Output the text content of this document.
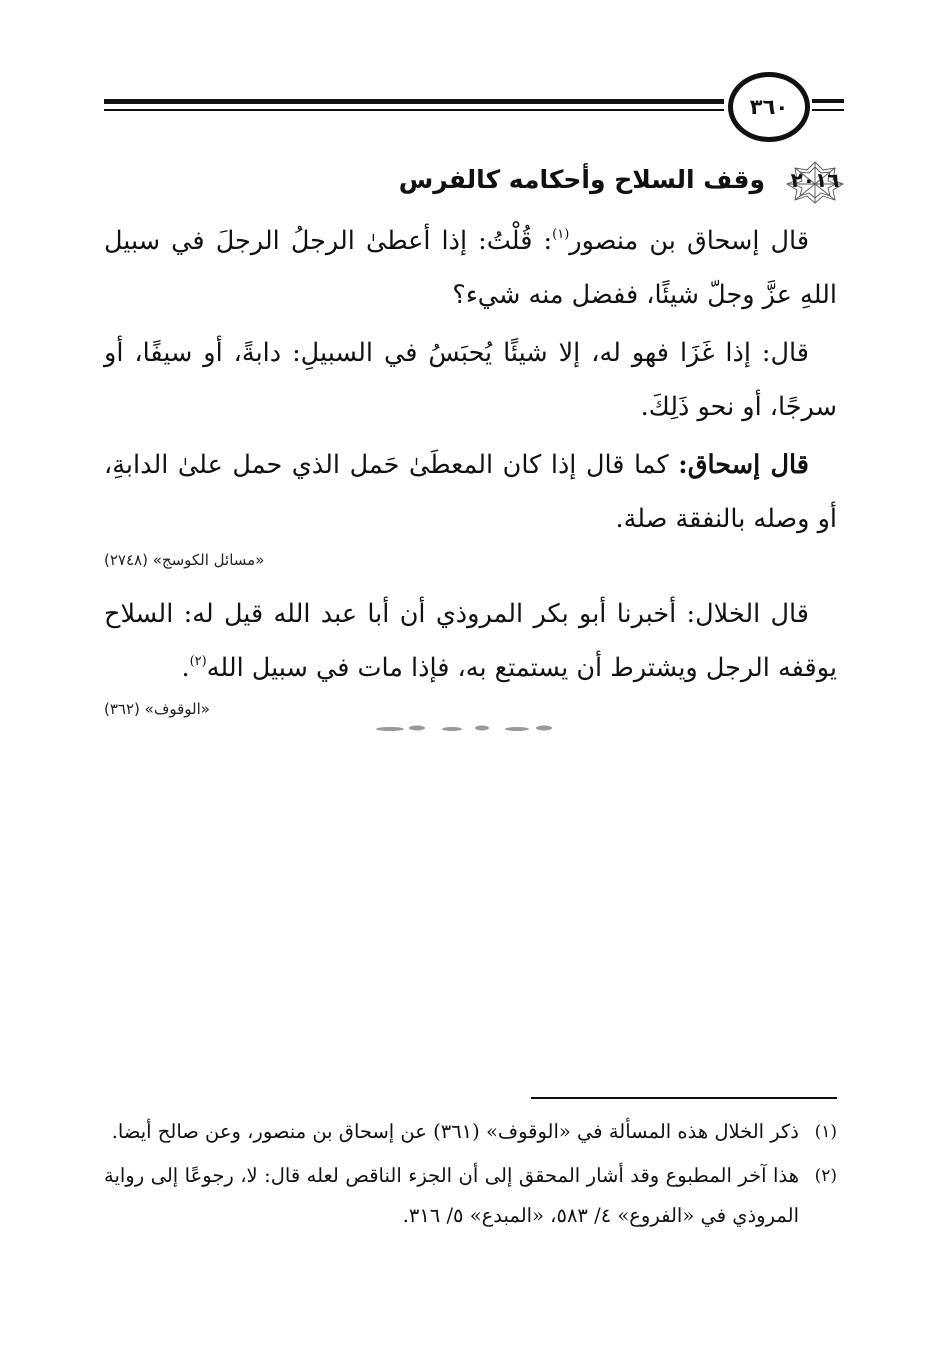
٣٦٠
٢٠١٦
وقف السلاح وأحكامه كالفرس

قال إسحاق بن منصور$^{(١)}$: قُلْتُ: إذا أعطىٰ الرجلُ الرجلَ في سبيل اللهِ عزَّ وجلّ شيئًا، ففضل منه شيء؟

قال: إذا غَزَا فهو له، إلا شيئًا يُحبَسُ في السبيلِ: دابةً، أو سيفًا، أو سرجًا، أو نحو ذَلِكَ.

قال إسحاق: كما قال إذا كان المعطَىٰ حَمل الذي حمل علىٰ الدابةِ، أو وصله بالنفقة صلة.

«مسائل الكوسج» (٢٧٤٨)

قال الخلال: أخبرنا أبو بكر المروذي أن أبا عبد الله قيل له: السلاح يوقفه الرجل ويشترط أن يستمتع به، فإذا مات في سبيل الله$^{(٢)}$.

«الوقوف» (٣٦٢)

(١)
ذكر الخلال هذه المسألة في «الوقوف» (٣٦١) عن إسحاق بن منصور، وعن صالح أيضا.

(٢)
هذا آخر المطبوع وقد أشار المحقق إلى أن الجزء الناقص لعله قال: لا، رجوعًا إلى رواية المروذي في «الفروع» ٤/ ٥٨٣، «المبدع» ٥/ ٣١٦.
